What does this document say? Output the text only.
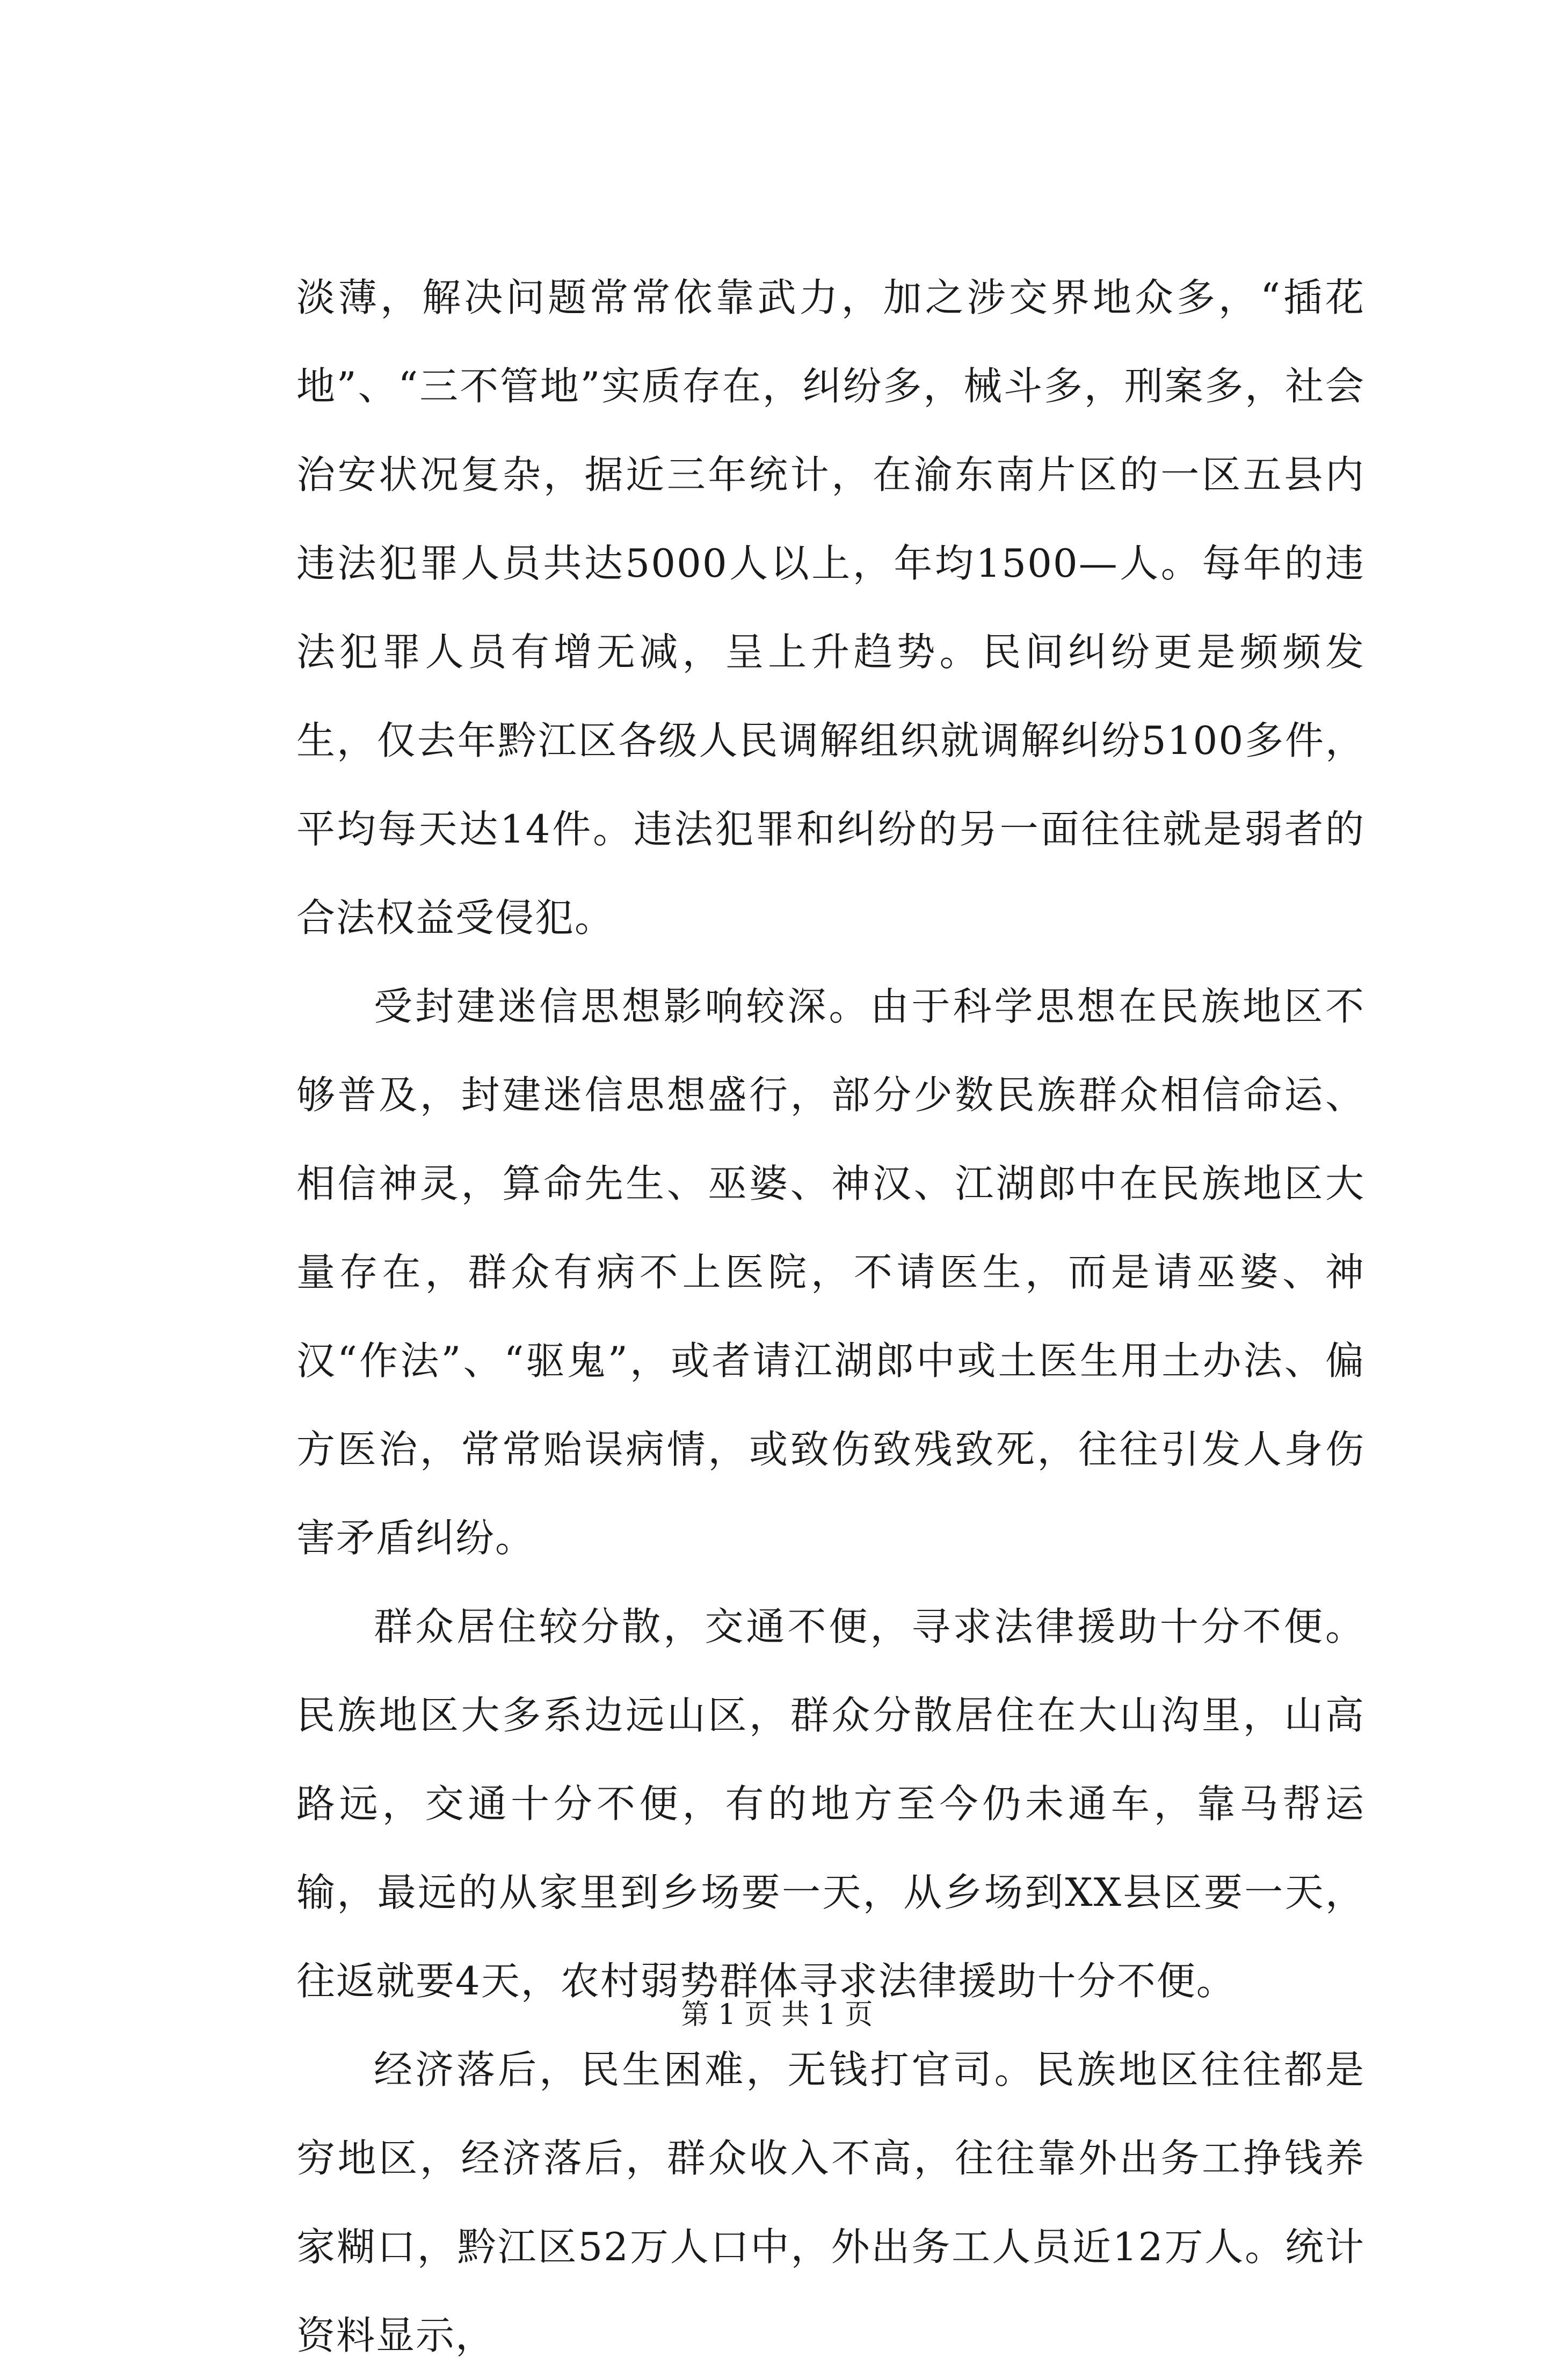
淡薄，解决问题常常依靠武力，加之涉交界地众多，“插花地”、“三不管地”实质存在，纠纷多，械斗多，刑案多，社会治安状况复杂，据近三年统计，在渝东南片区的一区五县内违法犯罪人员共达5000人以上，年均1500—人。每年的违法犯罪人员有增无减，呈上升趋势。民间纠纷更是频频发生，仅去年黔江区各级人民调解组织就调解纠纷5100多件，平均每天达14件。违法犯罪和纠纷的另一面往往就是弱者的合法权益受侵犯。

受封建迷信思想影响较深。由于科学思想在民族地区不够普及，封建迷信思想盛行，部分少数民族群众相信命运、相信神灵，算命先生、巫婆、神汉、江湖郎中在民族地区大量存在，群众有病不上医院，不请医生，而是请巫婆、神汉“作法”、“驱鬼”，或者请江湖郎中或土医生用土办法、偏方医治，常常贻误病情，或致伤致残致死，往往引发人身伤害矛盾纠纷。

群众居住较分散，交通不便，寻求法律援助十分不便。民族地区大多系边远山区，群众分散居住在大山沟里，山高路远，交通十分不便，有的地方至今仍未通车，靠马帮运输，最远的从家里到乡场要一天，从乡场到XX县区要一天，往返就要4天，农村弱势群体寻求法律援助十分不便。

经济落后，民生困难，无钱打官司。民族地区往往都是穷地区，经济落后，群众收入不高，往往靠外出务工挣钱养家糊口，黔江区52万人口中，外出务工人员近12万人。统计资料显示，

第 1 页 共 1 页
